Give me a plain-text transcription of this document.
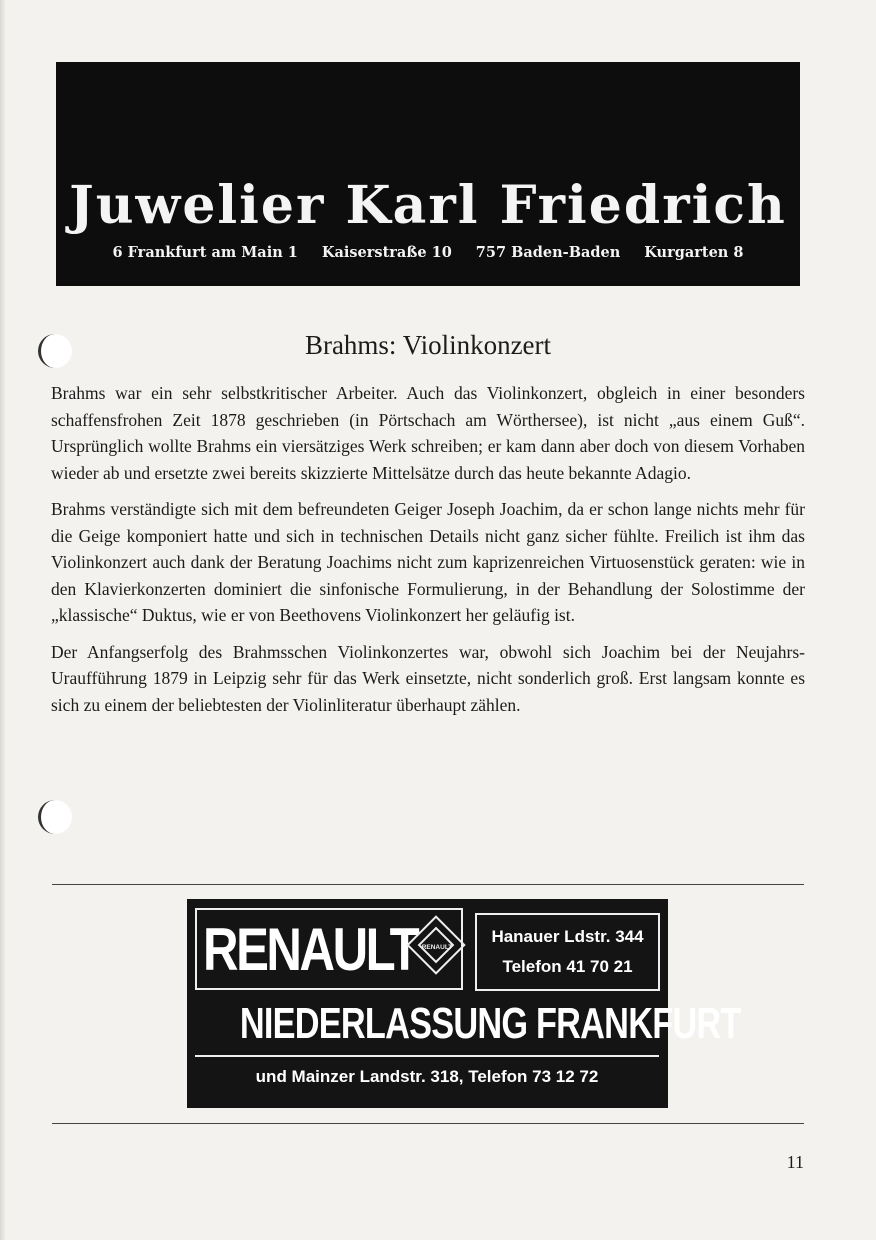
Juwelier Karl Friedrich
6 Frankfurt am Main 1 Kaiserstraße 10 757 Baden-Baden Kurgarten 8
Brahms: Violinkonzert

Brahms war ein sehr selbstkritischer Arbeiter. Auch das Violinkonzert, obgleich in einer besonders schaffensfrohen Zeit 1878 geschrieben (in Pörtschach am Wörthersee), ist nicht „aus einem Guß“. Ursprünglich wollte Brahms ein viersätziges Werk schreiben; er kam dann aber doch von diesem Vorhaben wieder ab und ersetzte zwei bereits skizzierte Mittelsätze durch das heute bekannte Adagio.

Brahms verständigte sich mit dem befreundeten Geiger Joseph Joachim, da er schon lange nichts mehr für die Geige komponiert hatte und sich in technischen Details nicht ganz sicher fühlte. Freilich ist ihm das Violinkonzert auch dank der Beratung Joachims nicht zum kaprizenreichen Virtuosenstück geraten: wie in den Klavierkonzerten dominiert die sinfonische Formulierung, in der Behandlung der Solostimme der „klassische“ Duktus, wie er von Beethovens Violinkonzert her geläufig ist.

Der Anfangserfolg des Brahmsschen Violinkonzertes war, obwohl sich Joachim bei der Neujahrs-Uraufführung 1879 in Leipzig sehr für das Werk einsetzte, nicht sonderlich groß. Erst langsam konnte es sich zu einem der beliebtesten der Violinliteratur überhaupt zählen.

RENAULT RENAULT
Hanauer Ldstr. 344
Telefon 41 70 21
NIEDERLASSUNG FRANKFURT
und Mainzer Landstr. 318, Telefon 73 12 72
11
